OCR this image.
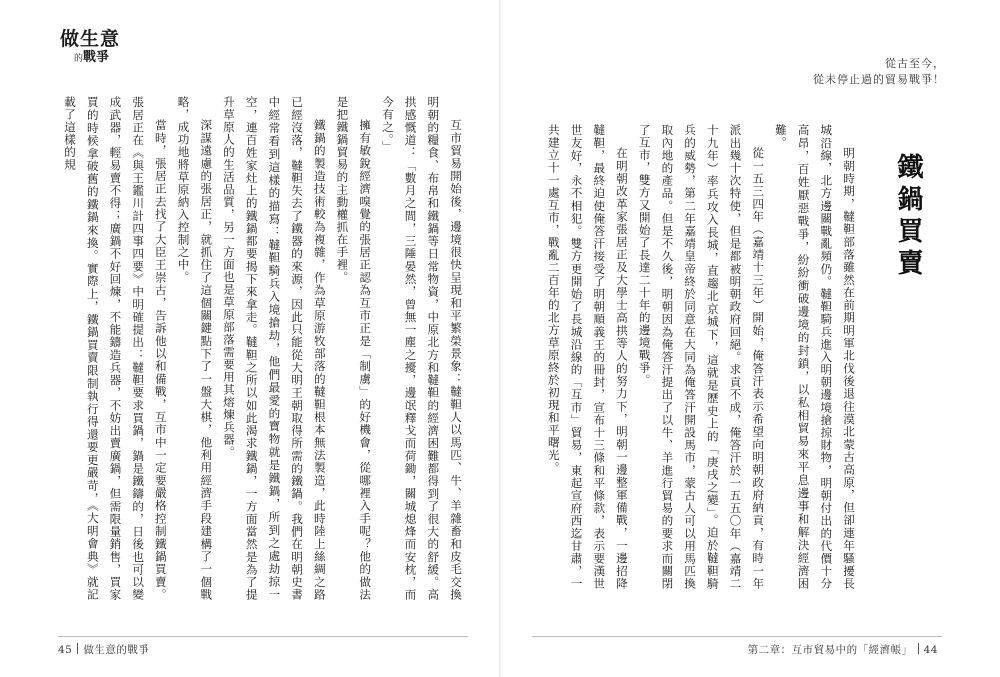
做生意
的戰爭

互市貿易開始後，邊境很快呈現和平繁榮景象：韃靼人以馬匹、牛、羊雜畜和皮毛交換明朝的糧食、布帛和鐵鍋等日常物資，中原北方和韃靼的經濟困難都得到了很大的舒緩。高拱感慨道：「數月之間，三陲晏然，曾無一塵之擾，邊氓釋戈而荷鋤，關城熄烽而安枕，而今有之。」

擁有敏銳經濟嗅覺的張居正認為互市正是「制虜」的好機會，從哪裡入手呢？他的做法是把鐵鍋貿易的主動權抓在手裡。

鐵鍋的製造技術較為複雜，作為草原游牧部落的韃靼根本無法製造，此時陸上絲綢之路已經沒落，韃靼失去了鐵器的來源，因此只能從大明王朝取得所需的鐵鍋。我們在明朝史書中經常看到這樣的描寫：韃靼騎兵入境搶劫，他們最愛的寶物就是鐵鍋，所到之處劫掠一空，連百姓家灶上的鐵鍋都要揭下來拿走。韃靼之所以如此渴求鐵鍋，一方面當然是為了提升草原人的生活品質，另一方面也是草原部落需要用其熔煉兵器。

深謀遠慮的張居正，就抓住了這個關鍵點下了一盤大棋，他利用經濟手段建構了一個戰略，成功地將草原納入控制之中。

當時，張居正去找了大臣王崇古，告訴他以和備戰，互市中一定要嚴格控制鐵鍋買賣。張居正在《與王鑑川計四事四要》中明確提出：韃靼要求買鍋，鍋是鐵鑄的，日後也可以變成武器，輕易賣不得；廣鍋不好回煉，不能鑄造兵器，不妨出賣廣鍋，但需限量銷售，買家買的時候拿破舊的鐵鍋來換。實際上，鐵鍋買賣限制執行得還要更嚴苛，《大明會典》就記載了這樣的規

45 做生意的戰爭
從古至今，
從未停止過的貿易戰爭！
鐵鍋買賣

明朝時期，韃靼部落雖然在前期明軍北伐後退往漠北蒙古高原，但卻連年騷擾長城沿線，北方邊關戰亂頻仍。韃靼騎兵進入明朝邊境搶掠財物，明朝付出的代價十分高昂，百姓厭惡戰爭，紛紛衝破邊境的封鎖，以私相貿易來平息邊事和解決經濟困難。

從一五三四年（嘉靖十三年）開始，俺答汗表示希望向明朝政府納貢，有時一年派出幾十次特使，但是都被明朝政府回絕。求貢不成，俺答汗於一五五〇年（嘉靖二十九年）率兵攻入長城，直趨北京城下，這就是歷史上的「庚戌之變」。迫於韃靼騎兵的威勢，第二年嘉靖皇帝終於同意在大同為俺答汗開設馬市，蒙古人可以用馬匹換取內地的產品。但是不久後，明朝因為俺答汗提出了以牛、羊進行貿易的要求而關閉了互市，雙方又開始了長達二十年的邊境戰爭。

在明朝改革家張居正及大學士高拱等人的努力下，明朝一邊整軍備戰，一邊招降韃靼，最終迫使俺答汗接受了明朝順義王的冊封，宣布十三條和平條款，表示要漢世世友好，永不相犯。雙方更開始了長城沿線的「互市」貿易，東起宣府西迄甘肅，一共建立十一處互市，戰亂二百年的北方草原終於初現和平曙光。

第二章：互市貿易中的「經濟帳」 44
